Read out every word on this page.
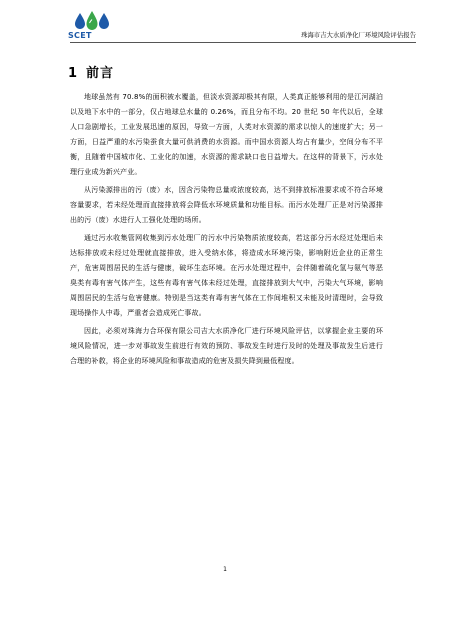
SCET	珠海市吉大水质净化厂环境风险评估报告
1 前言

地球虽然有 70.8%的面积被水覆盖，但淡水资源却极其有限，人类真正能够利用的是江河湖泊以及地下水中的一部分，仅占地球总水量的 0.26%，而且分布不均。20 世纪 50 年代以后，全球人口急剧增长，工业发展迅速的原因，导致一方面，人类对水资源的需求以惊人的速度扩大；另一方面，日益严重的水污染蚕食大量可供消费的水资源。而中国水资源人均占有量少，空间分布不平衡，且随着中国城市化、工业化的加速，水资源的需求缺口也日益增大。在这样的背景下，污水处理行业成为新兴产业。

从污染源排出的污（废）水，因含污染物总量或浓度较高，达不到排放标准要求或不符合环境容量要求，若未经处理而直接排放将会降低水环境质量和功能目标。而污水处理厂正是对污染源排出的污（废）水进行人工强化处理的场所。

通过污水收集管网收集到污水处理厂的污水中污染物质浓度较高，若这部分污水经过处理后未达标排放或未经过处理就直接排放，进入受纳水体，将造成水环境污染，影响附近企业的正常生产，危害周围居民的生活与健康，破坏生态环境。在污水处理过程中，会伴随着硫化氢与氨气等恶臭类有毒有害气体产生，这些有毒有害气体未经过处理，直接排放到大气中，污染大气环境，影响周围居民的生活与危害健康。特别是当这类有毒有害气体在工作间堆积又未能及时清理时，会导致现场操作人中毒，严重者会造成死亡事故。

因此，必须对珠海力合环保有限公司吉大水质净化厂进行环境风险评估，以掌握企业主要的环境风险情况，进一步对事故发生前进行有效的预防、事故发生时进行及时的处理及事故发生后进行合理的补救，将企业的环境风险和事故造成的危害及损失降到最低程度。

1
